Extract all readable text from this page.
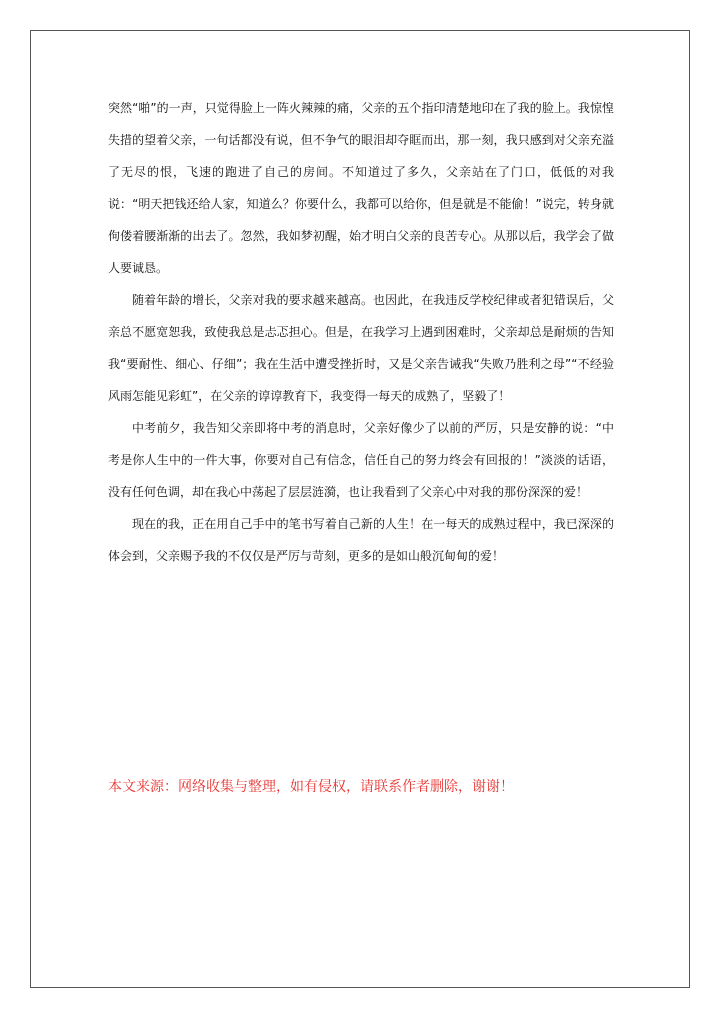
突然“啪”的一声，只觉得脸上一阵火辣辣的痛，父亲的五个指印清楚地印在了我的脸上。我惊惶失措的望着父亲，一句话都没有说，但不争气的眼泪却夺眶而出，那一刻，我只感到对父亲充溢了无尽的恨，飞速的跑进了自己的房间。不知道过了多久，父亲站在了门口，低低的对我说：“明天把钱还给人家，知道么？你要什么，我都可以给你，但是就是不能偷！”说完，转身就佝偻着腰渐渐的出去了。忽然，我如梦初醒，始才明白父亲的良苦专心。从那以后，我学会了做人要诚恳。

随着年龄的增长，父亲对我的要求越来越高。也因此，在我违反学校纪律或者犯错误后，父亲总不愿宽恕我，致使我总是忐忑担心。但是，在我学习上遇到困难时，父亲却总是耐烦的告知我“要耐性、细心、仔细”；我在生活中遭受挫折时，又是父亲告诫我“失败乃胜利之母”“不经验风雨怎能见彩虹”，在父亲的谆谆教育下，我变得一每天的成熟了，坚毅了！

中考前夕，我告知父亲即将中考的消息时，父亲好像少了以前的严厉，只是安静的说：“中考是你人生中的一件大事，你要对自己有信念，信任自己的努力终会有回报的！”淡淡的话语，没有任何色调，却在我心中荡起了层层涟漪，也让我看到了父亲心中对我的那份深深的爱！

现在的我，正在用自己手中的笔书写着自己新的人生！在一每天的成熟过程中，我已深深的体会到，父亲赐予我的不仅仅是严厉与苛刻，更多的是如山般沉甸甸的爱！

本文来源：网络收集与整理，如有侵权，请联系作者删除，谢谢！
